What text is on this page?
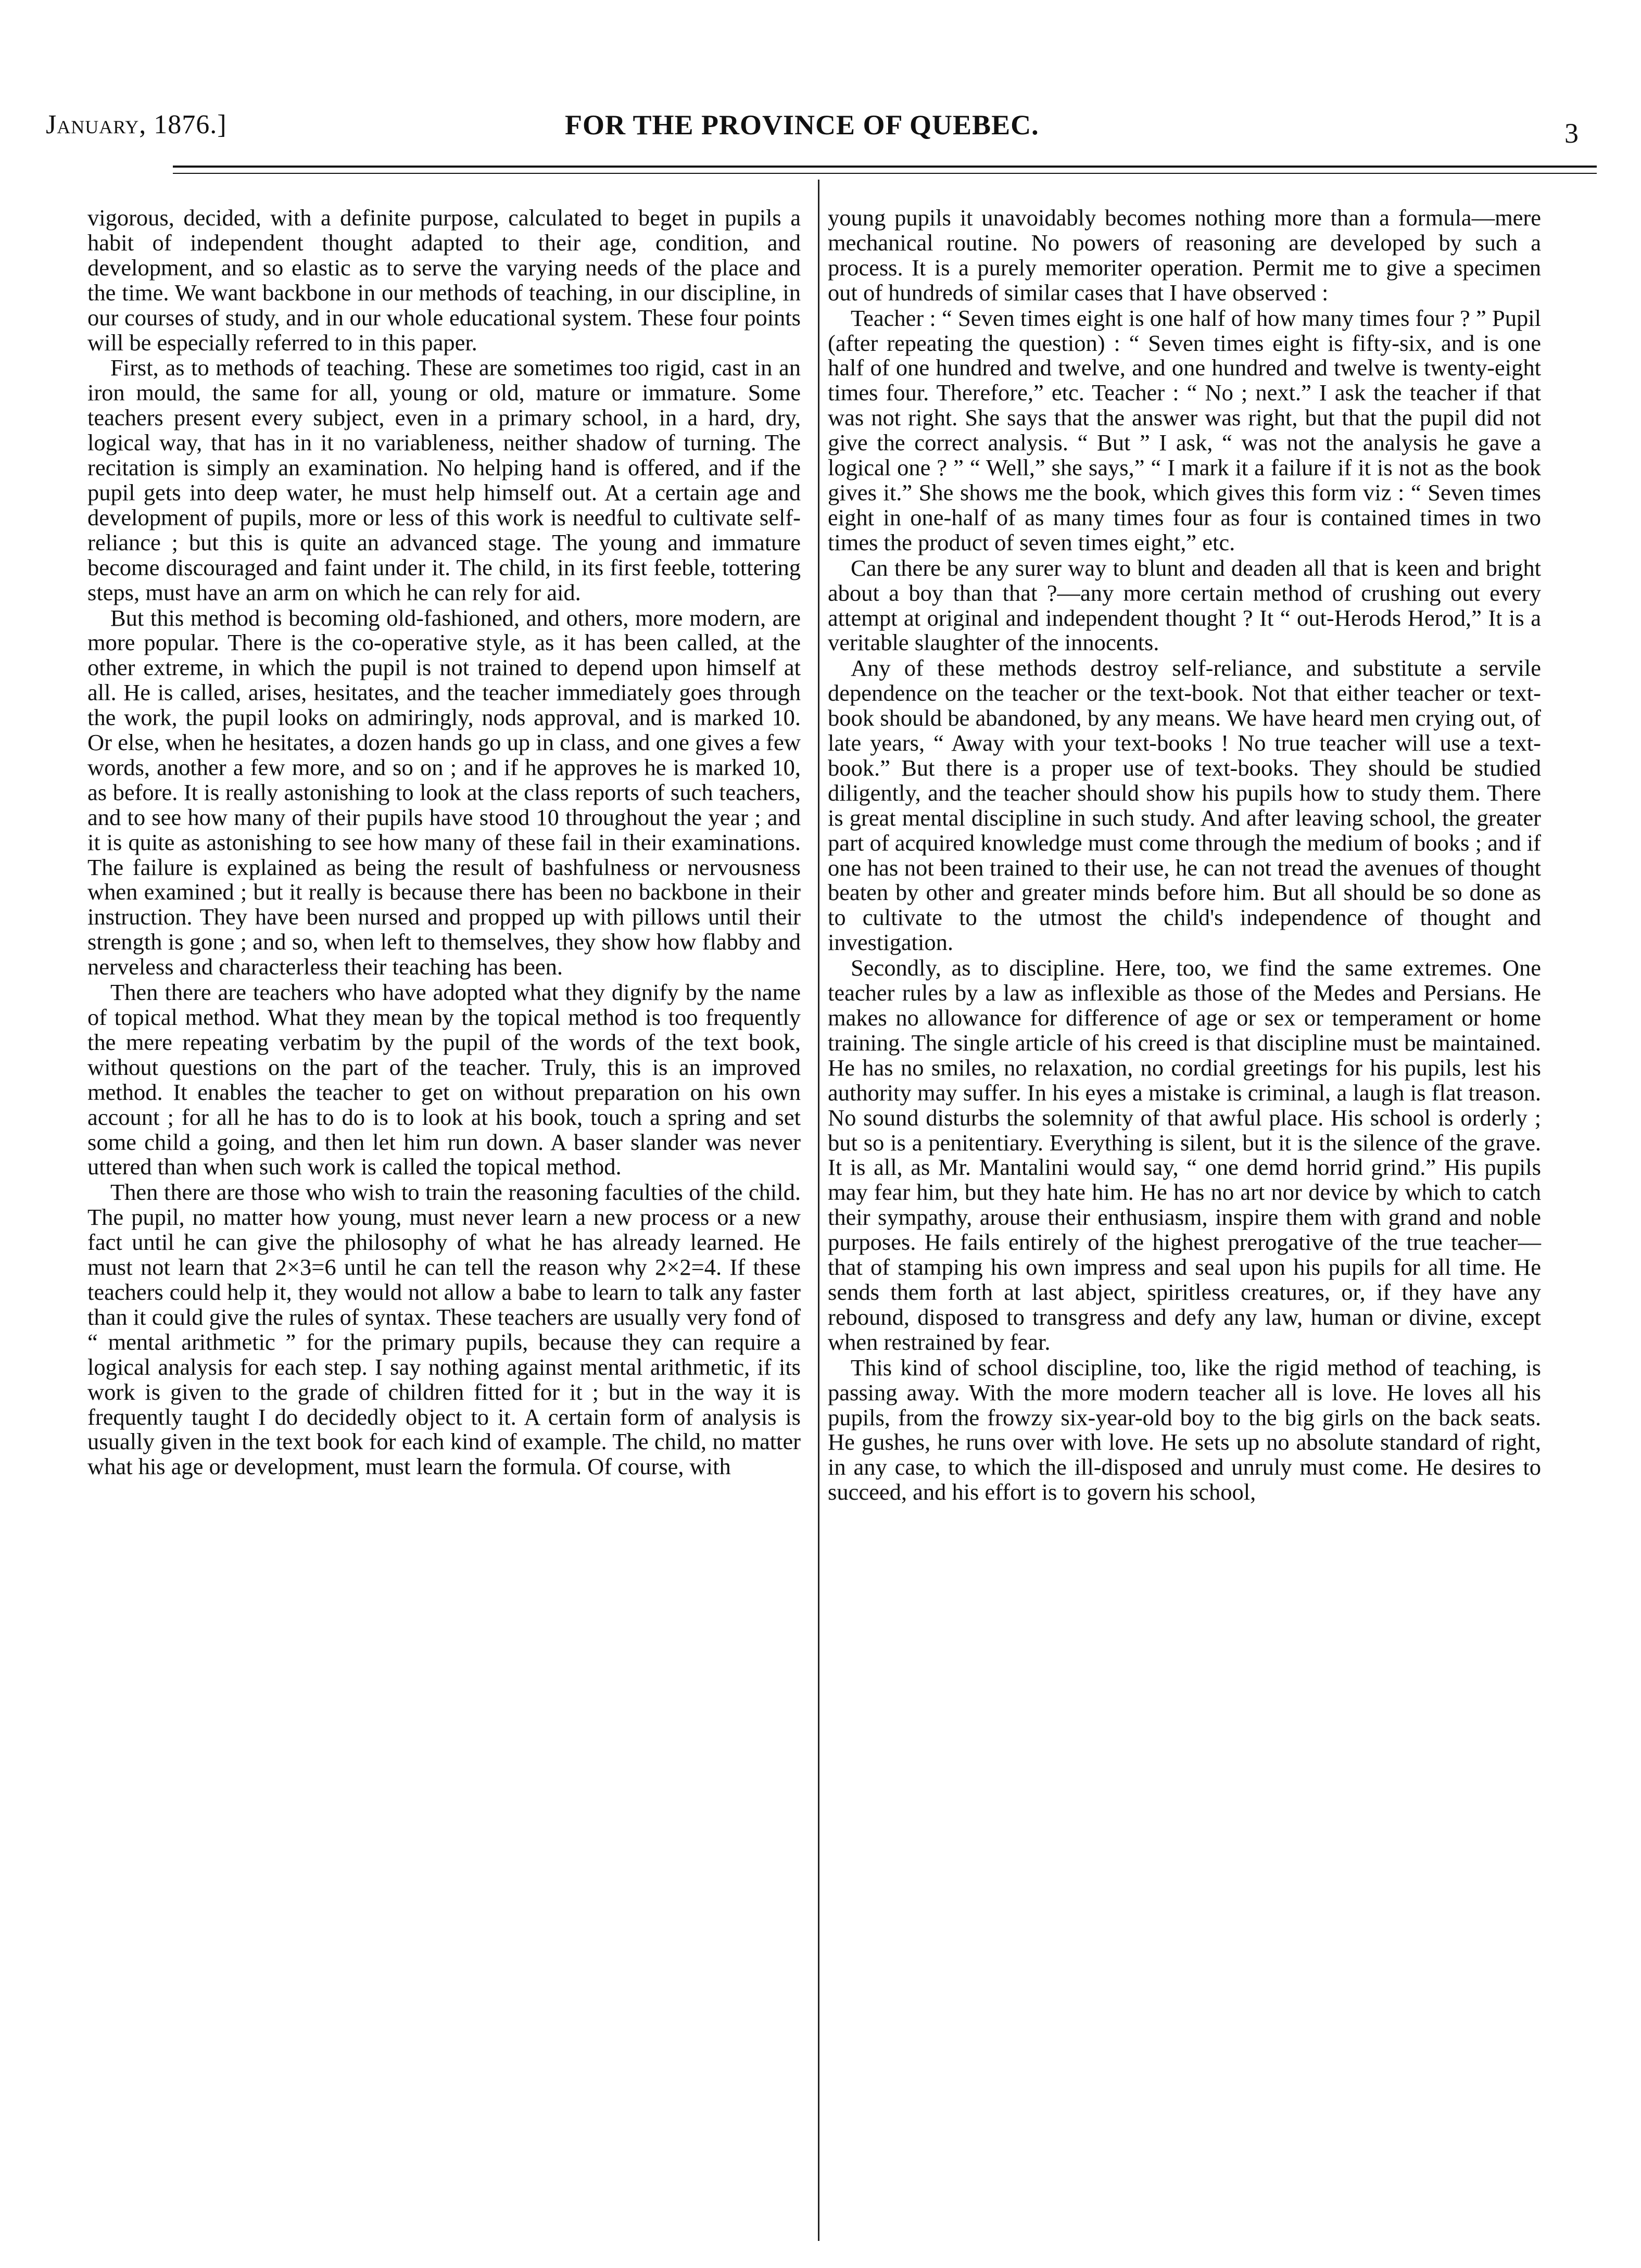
January, 1876.]	FOR THE PROVINCE OF QUEBEC.	3

vigorous, decided, with a definite purpose, calculated to beget in pupils a habit of independent thought adapted to their age, condition, and development, and so elastic as to serve the varying needs of the place and the time. We want backbone in our methods of teaching, in our discipline, in our courses of study, and in our whole educational system. These four points will be especially referred to in this paper.

First, as to methods of teaching. These are sometimes too rigid, cast in an iron mould, the same for all, young or old, mature or immature. Some teachers present every subject, even in a primary school, in a hard, dry, logical way, that has in it no variableness, neither shadow of turning. The recitation is simply an examination. No helping hand is offered, and if the pupil gets into deep water, he must help himself out. At a certain age and development of pupils, more or less of this work is needful to cultivate self-reliance ; but this is quite an advanced stage. The young and immature become discouraged and faint under it. The child, in its first feeble, tottering steps, must have an arm on which he can rely for aid.

But this method is becoming old-fashioned, and others, more modern, are more popular. There is the co-operative style, as it has been called, at the other extreme, in which the pupil is not trained to depend upon himself at all. He is called, arises, hesitates, and the teacher immediately goes through the work, the pupil looks on admiringly, nods approval, and is marked 10. Or else, when he hesitates, a dozen hands go up in class, and one gives a few words, another a few more, and so on ; and if he approves he is marked 10, as before. It is really astonishing to look at the class reports of such teachers, and to see how many of their pupils have stood 10 throughout the year ; and it is quite as astonishing to see how many of these fail in their examinations. The failure is explained as being the result of bashfulness or nervousness when examined ; but it really is because there has been no backbone in their instruction. They have been nursed and propped up with pillows until their strength is gone ; and so, when left to themselves, they show how flabby and nerveless and characterless their teaching has been.

Then there are teachers who have adopted what they dignify by the name of topical method. What they mean by the topical method is too frequently the mere repeating verbatim by the pupil of the words of the text book, without questions on the part of the teacher. Truly, this is an improved method. It enables the teacher to get on without preparation on his own account ; for all he has to do is to look at his book, touch a spring and set some child a going, and then let him run down. A baser slander was never uttered than when such work is called the topical method.

Then there are those who wish to train the reasoning faculties of the child. The pupil, no matter how young, must never learn a new process or a new fact until he can give the philosophy of what he has already learned. He must not learn that 2×3=6 until he can tell the reason why 2×2=4. If these teachers could help it, they would not allow a babe to learn to talk any faster than it could give the rules of syntax. These teachers are usually very fond of “ mental arithmetic ” for the primary pupils, because they can require a logical analysis for each step. I say nothing against mental arithmetic, if its work is given to the grade of children fitted for it ; but in the way it is frequently taught I do decidedly object to it. A certain form of analysis is usually given in the text book for each kind of example. The child, no matter what his age or development, must learn the formula. Of course, with

young pupils it unavoidably becomes nothing more than a formula—mere mechanical routine. No powers of reasoning are developed by such a process. It is a purely memoriter operation. Permit me to give a specimen out of hundreds of similar cases that I have observed :

Teacher : “ Seven times eight is one half of how many times four ? ” Pupil (after repeating the question) : “ Seven times eight is fifty-six, and is one half of one hundred and twelve, and one hundred and twelve is twenty-eight times four. Therefore,” etc. Teacher : “ No ; next.” I ask the teacher if that was not right. She says that the answer was right, but that the pupil did not give the correct analysis. “ But ” I ask, “ was not the analysis he gave a logical one ? ” “ Well,” she says,” “ I mark it a failure if it is not as the book gives it.” She shows me the book, which gives this form viz : “ Seven times eight in one-half of as many times four as four is contained times in two times the product of seven times eight,” etc.

Can there be any surer way to blunt and deaden all that is keen and bright about a boy than that ?—any more certain method of crushing out every attempt at original and independent thought ? It “ out-Herods Herod,” It is a veritable slaughter of the innocents.

Any of these methods destroy self-reliance, and substitute a servile dependence on the teacher or the text-book. Not that either teacher or text-book should be abandoned, by any means. We have heard men crying out, of late years, “ Away with your text-books ! No true teacher will use a text-book.” But there is a proper use of text-books. They should be studied diligently, and the teacher should show his pupils how to study them. There is great mental discipline in such study. And after leaving school, the greater part of acquired knowledge must come through the medium of books ; and if one has not been trained to their use, he can not tread the avenues of thought beaten by other and greater minds before him. But all should be so done as to cultivate to the utmost the child's independence of thought and investigation.

Secondly, as to discipline. Here, too, we find the same extremes. One teacher rules by a law as inflexible as those of the Medes and Persians. He makes no allowance for difference of age or sex or temperament or home training. The single article of his creed is that discipline must be maintained. He has no smiles, no relaxation, no cordial greetings for his pupils, lest his authority may suffer. In his eyes a mistake is criminal, a laugh is flat treason. No sound disturbs the solemnity of that awful place. His school is orderly ; but so is a penitentiary. Everything is silent, but it is the silence of the grave. It is all, as Mr. Mantalini would say, “ one demd horrid grind.” His pupils may fear him, but they hate him. He has no art nor device by which to catch their sympathy, arouse their enthusiasm, inspire them with grand and noble purposes. He fails entirely of the highest prerogative of the true teacher—that of stamping his own impress and seal upon his pupils for all time. He sends them forth at last abject, spiritless creatures, or, if they have any rebound, disposed to transgress and defy any law, human or divine, except when restrained by fear.

This kind of school discipline, too, like the rigid method of teaching, is passing away. With the more modern teacher all is love. He loves all his pupils, from the frowzy six-year-old boy to the big girls on the back seats. He gushes, he runs over with love. He sets up no absolute standard of right, in any case, to which the ill-disposed and unruly must come. He desires to succeed, and his effort is to govern his school,
